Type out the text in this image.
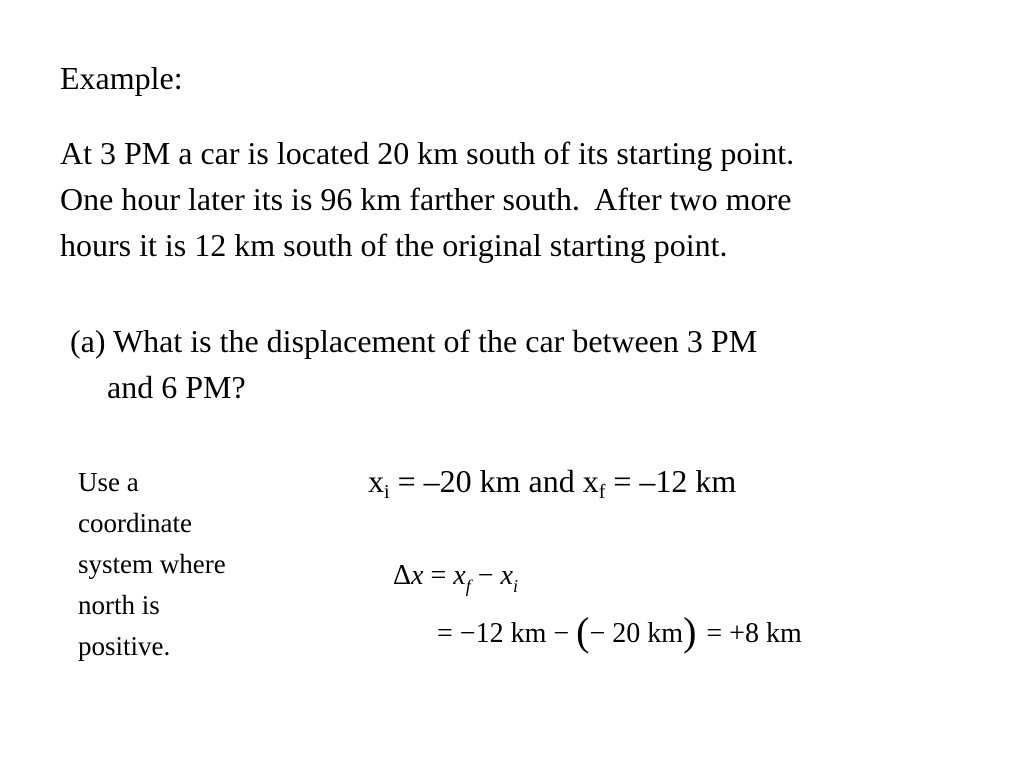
Example:
At 3 PM a car is located 20 km south of its starting point.
One hour later its is 96 km farther south.  After two more
hours it is 12 km south of the original starting point.
(a) What is the displacement of the car between 3 PM
and 6 PM?
Use a
coordinate
system where
north is
positive.
$x_i = -20$ km and $x_f = -12$ km
$\Delta x = x_f - x_i$
= −12 km − (− 20 km) = +8 km
